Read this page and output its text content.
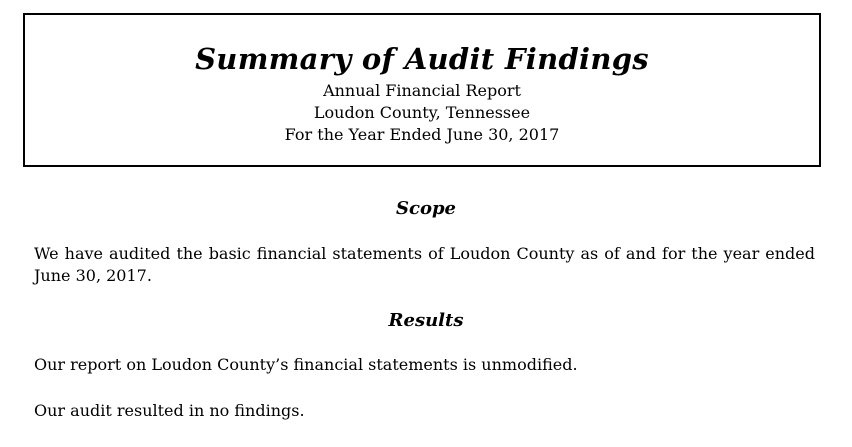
Summary of Audit Findings
Annual Financial Report
Loudon County, Tennessee
For the Year Ended June 30, 2017
Scope

We have audited the basic financial statements of Loudon County as of and for the year ended June 30, 2017.

Results

Our report on Loudon County’s financial statements is unmodified.

Our audit resulted in no findings.
